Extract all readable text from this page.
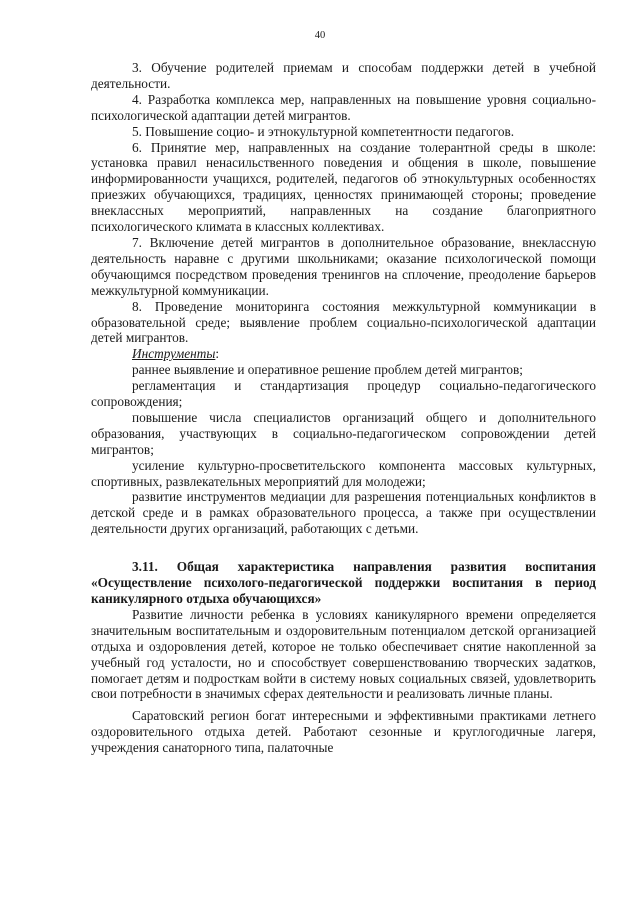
40

3. Обучение родителей приемам и способам поддержки детей в учебной деятельности.

4. Разработка комплекса мер, направленных на повышение уровня социально-психологической адаптации детей мигрантов.

5. Повышение социо- и этнокультурной компетентности педагогов.

6. Принятие мер, направленных на создание толерантной среды в школе: установка правил ненасильственного поведения и общения в школе, повышение информированности учащихся, родителей, педагогов об этнокультурных особенностях приезжих обучающихся, традициях, ценностях принимающей стороны; проведение внеклассных мероприятий, направленных на создание благоприятного психологического климата в классных коллективах.

7. Включение детей мигрантов в дополнительное образование, внеклассную деятельность наравне с другими школьниками; оказание психологической помощи обучающимся посредством проведения тренингов на сплочение, преодоление барьеров межкультурной коммуникации.

8. Проведение мониторинга состояния межкультурной коммуникации в образовательной среде; выявление проблем социально-психологической адаптации детей мигрантов.

Инструменты:

раннее выявление и оперативное решение проблем детей мигрантов;

регламентация и стандартизация процедур социально-педагогического сопровождения;

повышение числа специалистов организаций общего и дополнительного образования, участвующих в социально-педагогическом сопровождении детей мигрантов;

усиление культурно-просветительского компонента массовых культурных, спортивных, развлекательных мероприятий для молодежи;

развитие инструментов медиации для разрешения потенциальных конфликтов в детской среде и в рамках образовательного процесса, а также при осуществлении деятельности других организаций, работающих с детьми.

3.11. Общая характеристика направления развития воспитания «Осуществление психолого-педагогической поддержки воспитания в период каникулярного отдыха обучающихся»

Развитие личности ребенка в условиях каникулярного времени определяется значительным воспитательным и оздоровительным потенциалом детской организацией отдыха и оздоровления детей, которое не только обеспечивает снятие накопленной за учебный год усталости, но и способствует совершенствованию творческих задатков, помогает детям и подросткам войти в систему новых социальных связей, удовлетворить свои потребности в значимых сферах деятельности и реализовать личные планы.

Саратовский регион богат интересными и эффективными практиками летнего оздоровительного отдыха детей. Работают сезонные и круглогодичные лагеря, учреждения санаторного типа, палаточные
